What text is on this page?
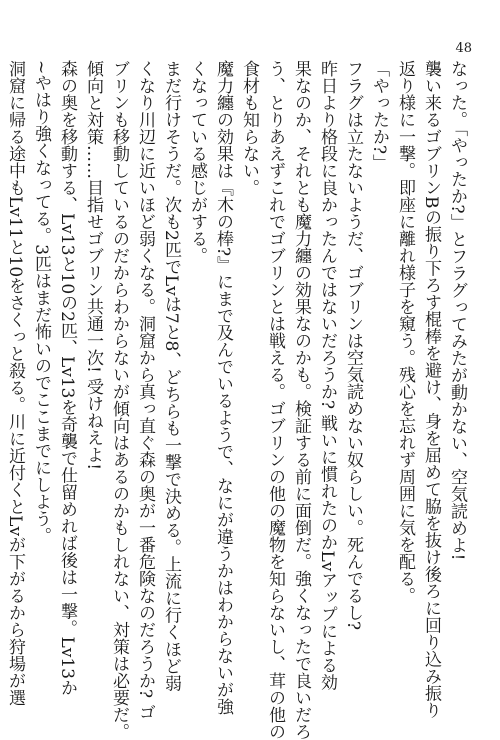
48
なった。「やったか?」とフラグってみたが動かない、空気読めよ!
襲い来るゴブリンBの振り下ろす棍棒を避け、身を屈めて脇を抜け後ろに回り込み振り
返り様に一撃。即座に離れ様子を窺う。残心を忘れず周囲に気を配る。
「やったか?」
フラグは立たないようだ、ゴブリンは空気読めない奴らしい。死んでるし?
昨日より格段に良かったんではないだろうか? 戦いに慣れたのかLvアップによる効
果なのか、それとも魔力纏の効果なのかも。検証する前に面倒だ。強くなったで良いだろ
う、とりあえずこれでゴブリンとは戦える。ゴブリンの他の魔物を知らないし、茸の他の
食材も知らない。
魔力纏の効果は『木の棒?』にまで及んでいるようで、なにが違うかはわからないが強
くなっている感じがする。
まだ行けそうだ。次も2匹でLvは7と8、どちらも一撃で決める。上流に行くほど弱
くなり川辺に近いほど弱くなる。洞窟から真っ直ぐ森の奥が一番危険なのだろうか? ゴ
ブリンも移動しているのだからわからないが傾向はあるのかもしれない、対策は必要だ。
傾向と対策……目指せゴブリン共通一次! 受けねえよ!
森の奥を移動する、Lv13と10の2匹、Lv13を奇襲で仕留めれば後は一撃。Lv13か
~やはり強くなってる。3匹はまだ怖いのでここまでにしよう。
洞窟に帰る途中もLv11と10をさくっと殺る。川に近付くとLvが下がるから狩場が選
